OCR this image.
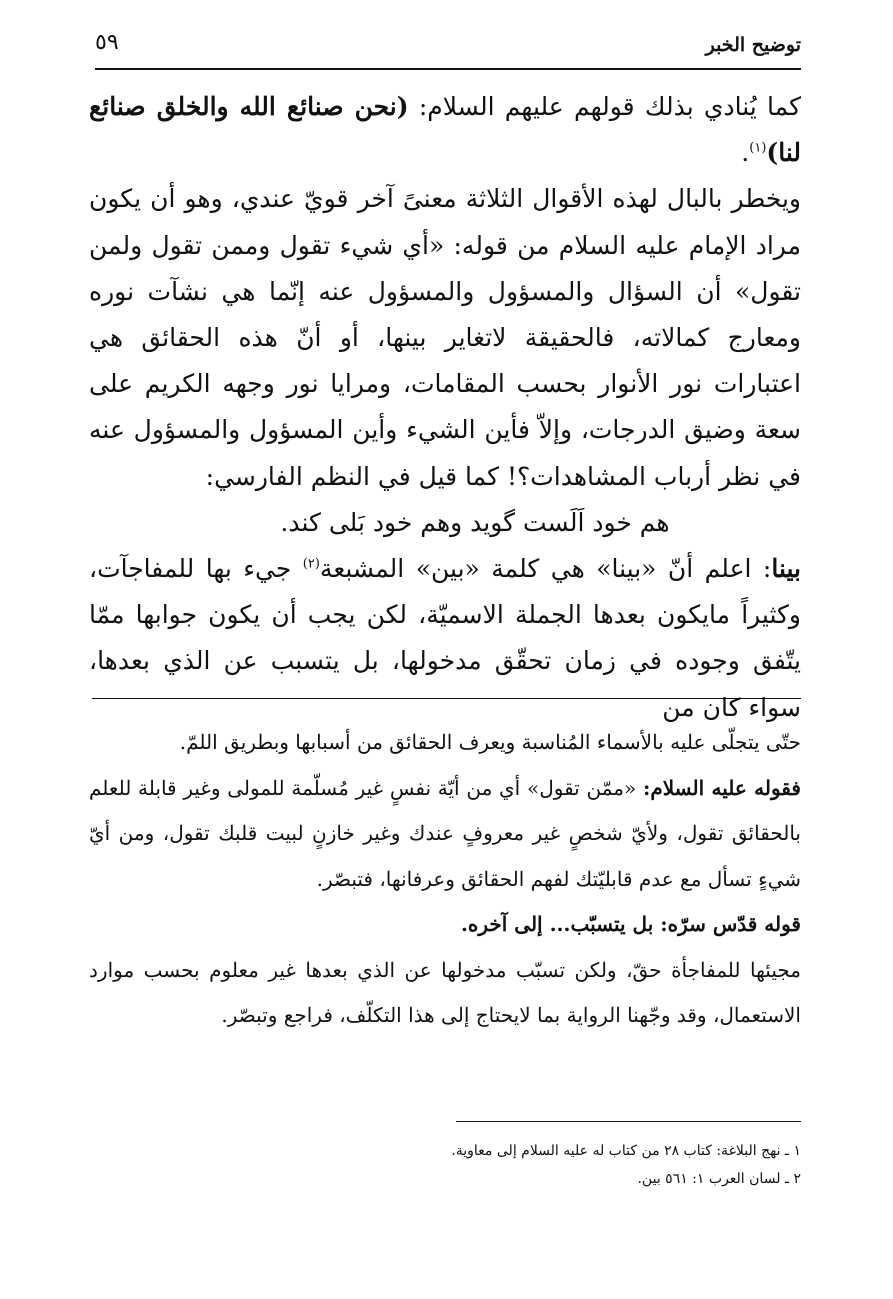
توضيح الخبر
٥٩

كما يُنادي بذلك قولهم عليهم السلام: (نحن صنائع الله والخلق صنائع لنا)$^{(١)}$.

ويخطر بالبال لهذه الأقوال الثلاثة معنىً آخر قويّ عندي، وهو أن يكون مراد الإمام عليه السلام من قوله: «أي شيء تقول وممن تقول ولمن تقول» أن السؤال والمسؤول والمسؤول عنه إنّما هي نشآت نوره ومعارج كمالاته، فالحقيقة لاتغاير بينها، أو أنّ هذه الحقائق هي اعتبارات نور الأنوار بحسب المقامات، ومرايا نور وجهه الكريم على سعة وضيق الدرجات، وإلاّ فأين الشيء وأين المسؤول والمسؤول عنه في نظر أرباب المشاهدات؟! كما قيل في النظم الفارسي:

هم خود اَلَست گويد وهم خود بَلى كند.

بينا: اعلم أنّ «بينا» هي كلمة «بين» المشبعة$^{(٢)}$ جيء بها للمفاجآت، وكثيراً مايكون بعدها الجملة الاسميّة، لكن يجب أن يكون جوابها ممّا يتّفق وجوده في زمان تحقّق مدخولها، بل يتسبب عن الذي بعدها، سواء كان من

حتّى يتجلّى عليه بالأسماء المُناسبة ويعرف الحقائق من أسبابها وبطريق اللمّ.

فقوله عليه السلام: «ممّن تقول» أي من أيّة نفسٍ غير مُسلّمة للمولى وغير قابلة للعلم بالحقائق تقول، ولأيّ شخصٍ غير معروفٍ عندك وغير خازنٍ لبيت قلبك تقول، ومن أيّ شيءٍ تسأل مع عدم قابليّتك لفهم الحقائق وعرفانها، فتبصّر.

قوله قدّس سرّه: بل يتسبّب... إلى آخره.

مجيئها للمفاجأة حقّ، ولكن تسبّب مدخولها عن الذي بعدها غير معلوم بحسب موارد الاستعمال، وقد وجّهنا الرواية بما لايحتاج إلى هذا التكلّف، فراجع وتبصّر.

١ ـ نهج البلاغة: كتاب ٢٨ من كتاب له عليه السلام إلى معاوية.

٢ ـ لسان العرب ١: ٥٦١ بين.
